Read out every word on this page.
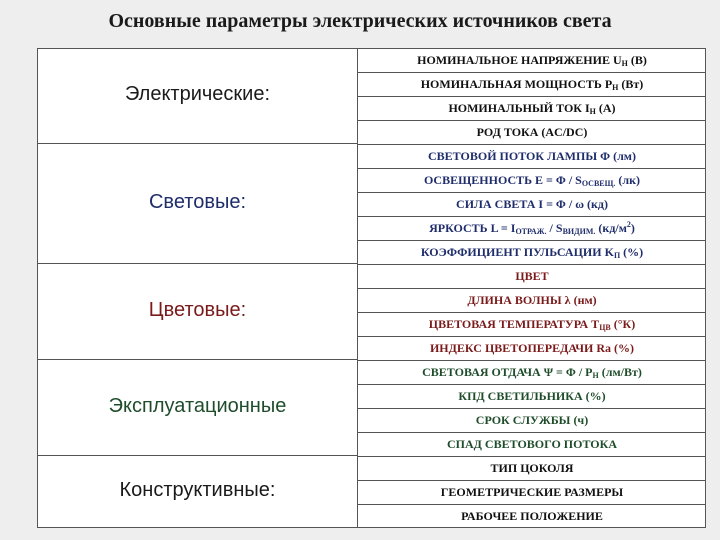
Основные параметры электрических источников света
Электрические:
НОМИНАЛЬНОЕ НАПРЯЖЕНИЕ $U_Н$ (В)
НОМИНАЛЬНАЯ МОЩНОСТЬ $P_Н$ (Вт)
НОМИНАЛЬНЫЙ ТОК $I_Н$ (А)
РОД ТОКА (AC/DC)
Световые:
СВЕТОВОЙ ПОТОК ЛАМПЫ Φ (лм)
ОСВЕЩЕННОСТЬ $E = \Phi / S_{ОСВЕЩ.}$ (лк)
СИЛА СВЕТА I = Φ / ω (кд)
ЯРКОСТЬ $L = I_{ОТРАЖ.} / S_{ВИДИМ.}$ $(кд/м^2)$
КОЭФФИЦИЕНТ ПУЛЬСАЦИИ $K_П$ (%)
Цветовые:
ЦВЕТ
ДЛИНА ВОЛНЫ λ (нм)
ЦВЕТОВАЯ ТЕМПЕРАТУРА $T_{ЦВ}$ (°К)
ИНДЕКС ЦВЕТОПЕРЕДАЧИ Ra (%)
Эксплуатационные
СВЕТОВАЯ ОТДАЧА $\Psi = \Phi / P_Н$ (лм/Вт)
КПД СВЕТИЛЬНИКА (%)
СРОК СЛУЖБЫ (ч)
СПАД СВЕТОВОГО ПОТОКА
Конструктивные:
ТИП ЦОКОЛЯ
ГЕОМЕТРИЧЕСКИЕ РАЗМЕРЫ
РАБОЧЕЕ ПОЛОЖЕНИЕ
